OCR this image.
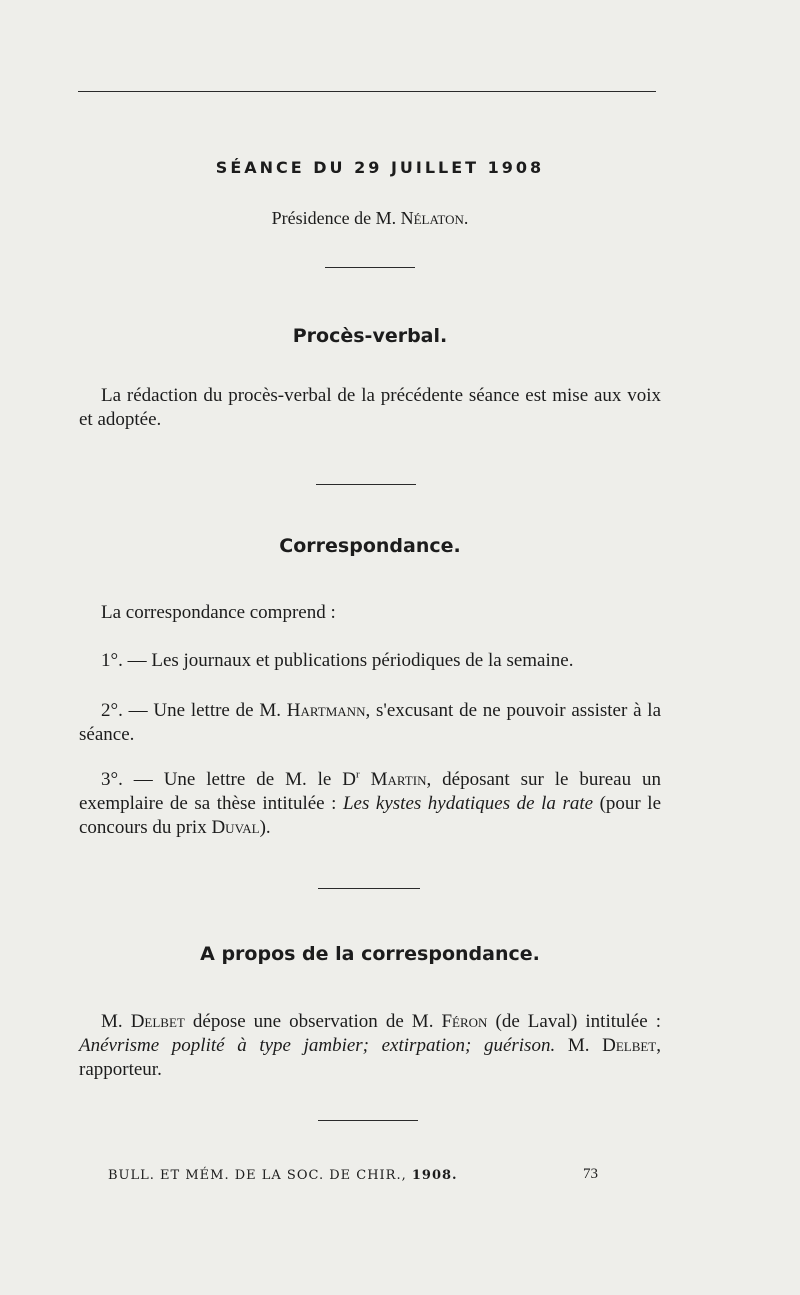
SÉANCE DU 29 JUILLET 1908
Présidence de M. Nélaton.
Procès-verbal.
La rédaction du procès-verbal de la précédente séance est mise aux voix et adoptée.
Correspondance.
La correspondance comprend :
1°. — Les journaux et publications périodiques de la semaine.
2°. — Une lettre de M. Hartmann, s'excusant de ne pouvoir assister à la séance.
3°. — Une lettre de M. le $D^r$ Martin, déposant sur le bureau un exemplaire de sa thèse intitulée : Les kystes hydatiques de la rate (pour le concours du prix Duval).
A propos de la correspondance.
M. Delbet dépose une observation de M. Féron (de Laval) intitulée : Anévrisme poplité à type jambier; extirpation; guérison. M. Delbet, rapporteur.
BULL. ET MÉM. DE LA SOC. DE CHIR., 1908.	73
